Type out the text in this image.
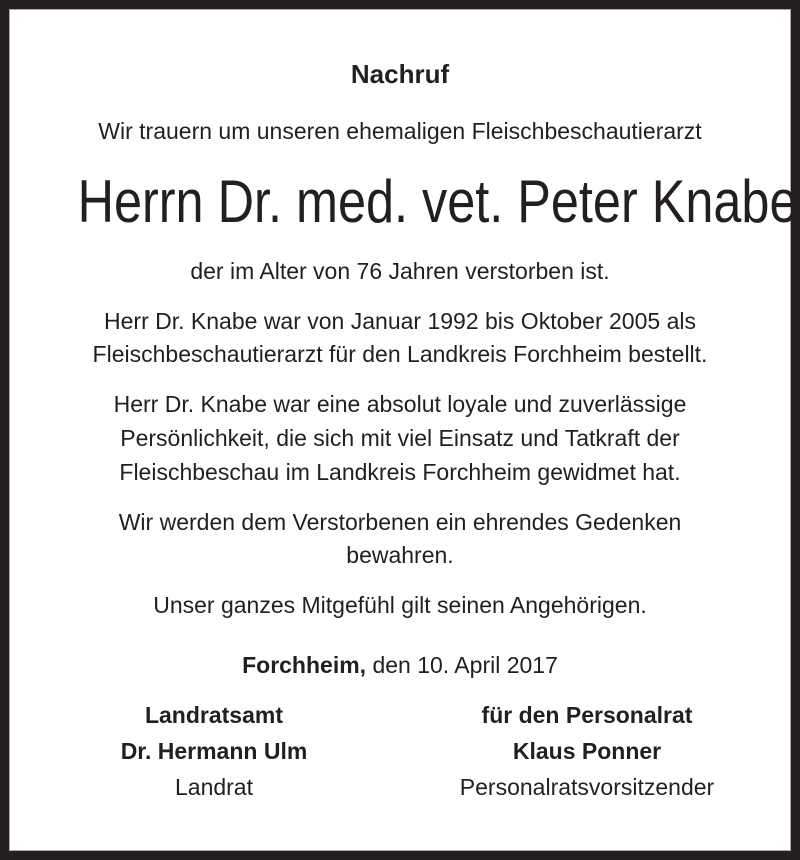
Nachruf
Wir trauern um unseren ehemaligen Fleischbeschautierarzt
Herrn Dr. med. vet. Peter Knabe
der im Alter von 76 Jahren verstorben ist.
Herr Dr. Knabe war von Januar 1992 bis Oktober 2005 als
Fleischbeschautierarzt für den Landkreis Forchheim bestellt.
Herr Dr. Knabe war eine absolut loyale und zuverlässige
Persönlichkeit, die sich mit viel Einsatz und Tatkraft der
Fleischbeschau im Landkreis Forchheim gewidmet hat.
Wir werden dem Verstorbenen ein ehrendes Gedenken
bewahren.
Unser ganzes Mitgefühl gilt seinen Angehörigen.
Forchheim, den 10. April 2017
Landratsamt
Dr. Hermann Ulm
Landrat
für den Personalrat
Klaus Ponner
Personalratsvorsitzender
